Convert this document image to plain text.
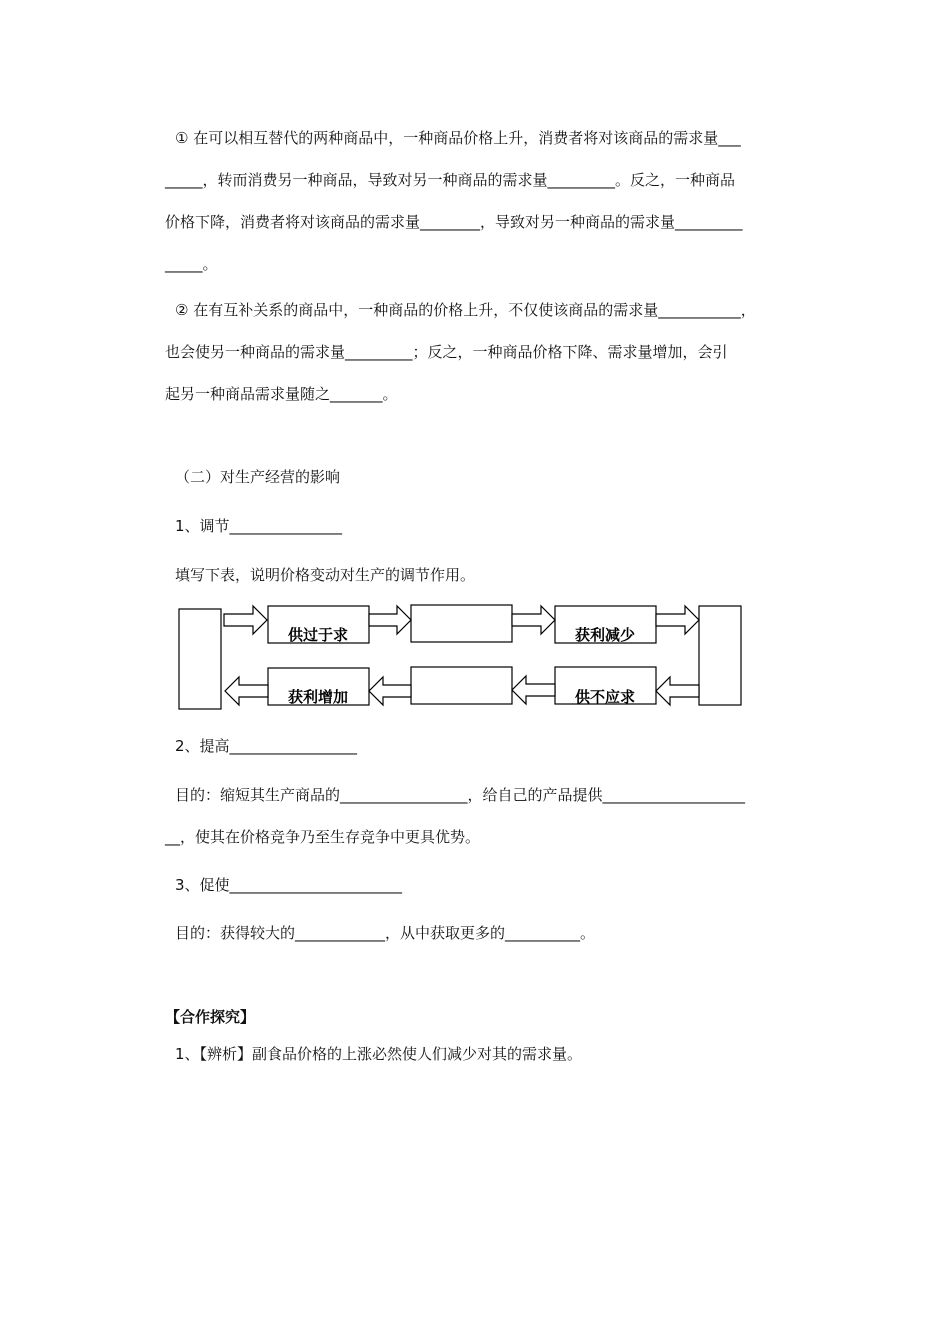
① 在可以相互替代的两种商品中，一种商品价格上升，消费者将对该商品的需求量___
_____，转而消费另一种商品，导致对另一种商品的需求量_________。反之，一种商品
价格下降，消费者将对该商品的需求量________，导致对另一种商品的需求量_________
_____。
② 在有互补关系的商品中，一种商品的价格上升，不仅使该商品的需求量___________，
也会使另一种商品的需求量_________；反之，一种商品价格下降、需求量增加，会引
起另一种商品需求量随之_______。
（二）对生产经营的影响
1、调节_______________
填写下表，说明价格变动对生产的调节作用。
供过于求	获利减少
获利增加	供不应求
2、提高_________________
目的：缩短其生产商品的_________________，给自己的产品提供___________________
__，使其在价格竞争乃至生存竞争中更具优势。
3、促使_______________________
目的：获得较大的____________，从中获取更多的__________。
【合作探究】
1、【辨析】副食品价格的上涨必然使人们减少对其的需求量。
